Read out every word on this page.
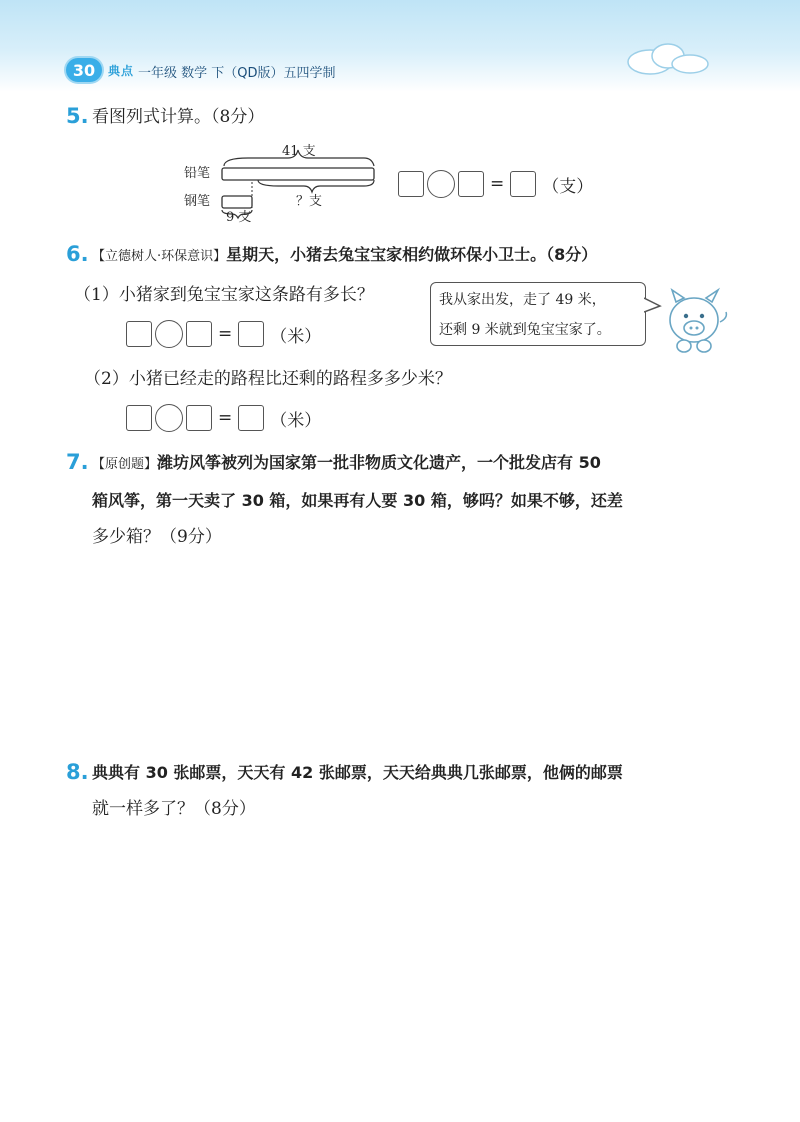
30	典点 一年级 数学 下（QD版）五四学制
5. 看图列式计算。（8分）
41 支
铅笔
钢笔	？支
9 支
= （支）
6. 【立德树人·环保意识】星期天，小猪去兔宝宝家相约做环保小卫士。（8分）
（1）小猪家到兔宝宝家这条路有多长？
= （米）
我从家出发，走了 49 米，
还剩 9 米就到兔宝宝家了。
（2）小猪已经走的路程比还剩的路程多多少米？
= （米）
7. 【原创题】潍坊风筝被列为国家第一批非物质文化遗产，一个批发店有 50
箱风筝，第一天卖了 30 箱，如果再有人要 30 箱，够吗？如果不够，还差
多少箱？（9分）
8. 典典有 30 张邮票，天天有 42 张邮票，天天给典典几张邮票，他俩的邮票
就一样多了？（8分）
